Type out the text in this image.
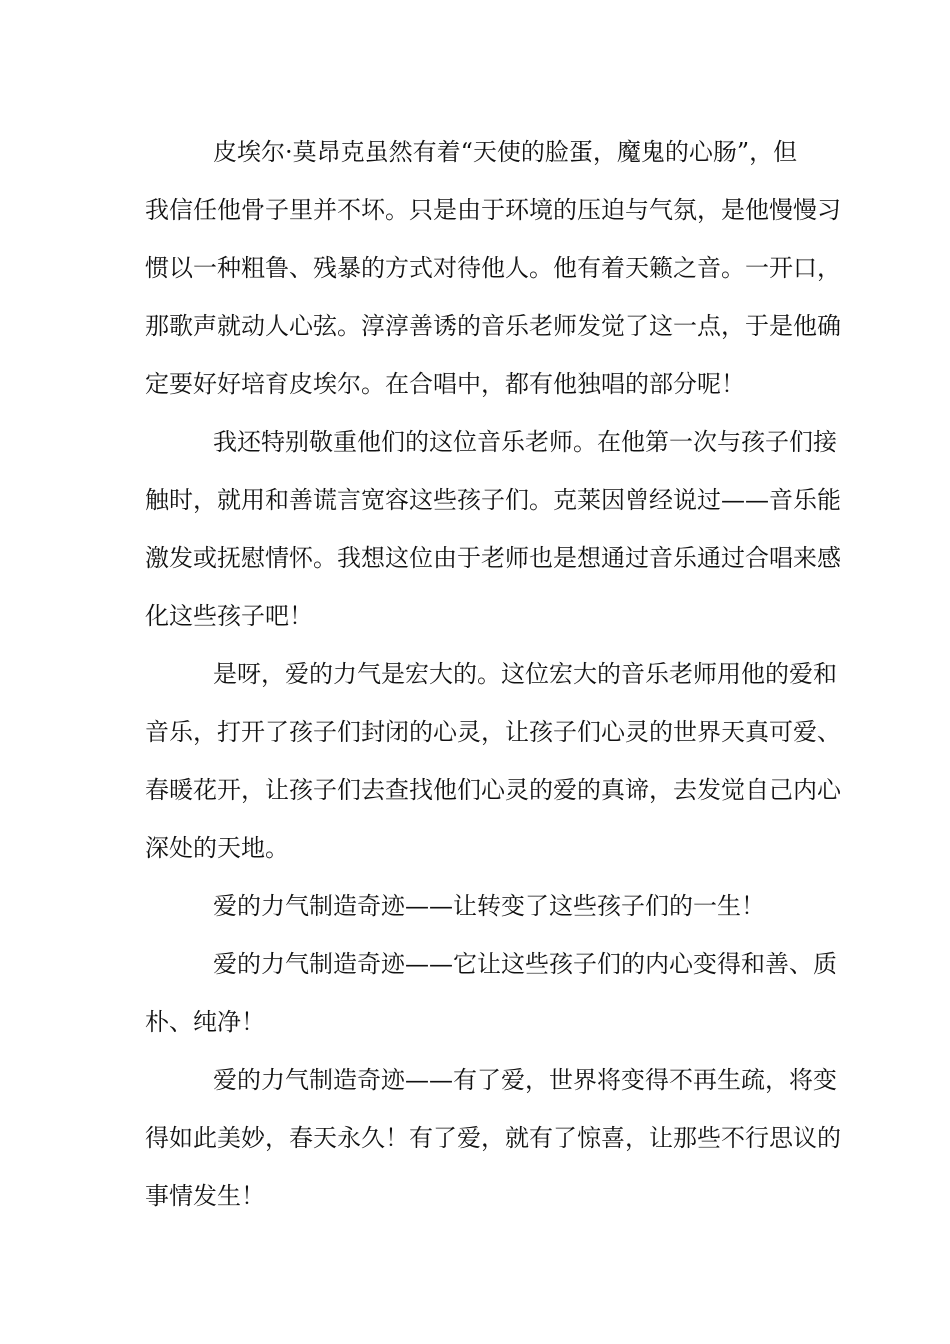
皮埃尔·莫昂克虽然有着“天使的脸蛋，魔鬼的心肠”，但
我信任他骨子里并不坏。只是由于环境的压迫与气氛，是他慢慢习
惯以一种粗鲁、残暴的方式对待他人。他有着天籁之音。一开口，
那歌声就动人心弦。淳淳善诱的音乐老师发觉了这一点，于是他确
定要好好培育皮埃尔。在合唱中，都有他独唱的部分呢！
我还特别敬重他们的这位音乐老师。在他第一次与孩子们接
触时，就用和善谎言宽容这些孩子们。克莱因曾经说过——音乐能
激发或抚慰情怀。我想这位由于老师也是想通过音乐通过合唱来感
化这些孩子吧！
是呀，爱的力气是宏大的。这位宏大的音乐老师用他的爱和
音乐，打开了孩子们封闭的心灵，让孩子们心灵的世界天真可爱、
春暖花开，让孩子们去查找他们心灵的爱的真谛，去发觉自己内心
深处的天地。
爱的力气制造奇迹——让转变了这些孩子们的一生！
爱的力气制造奇迹——它让这些孩子们的内心变得和善、质
朴、纯净！
爱的力气制造奇迹——有了爱，世界将变得不再生疏，将变
得如此美妙，春天永久！有了爱，就有了惊喜，让那些不行思议的
事情发生！
